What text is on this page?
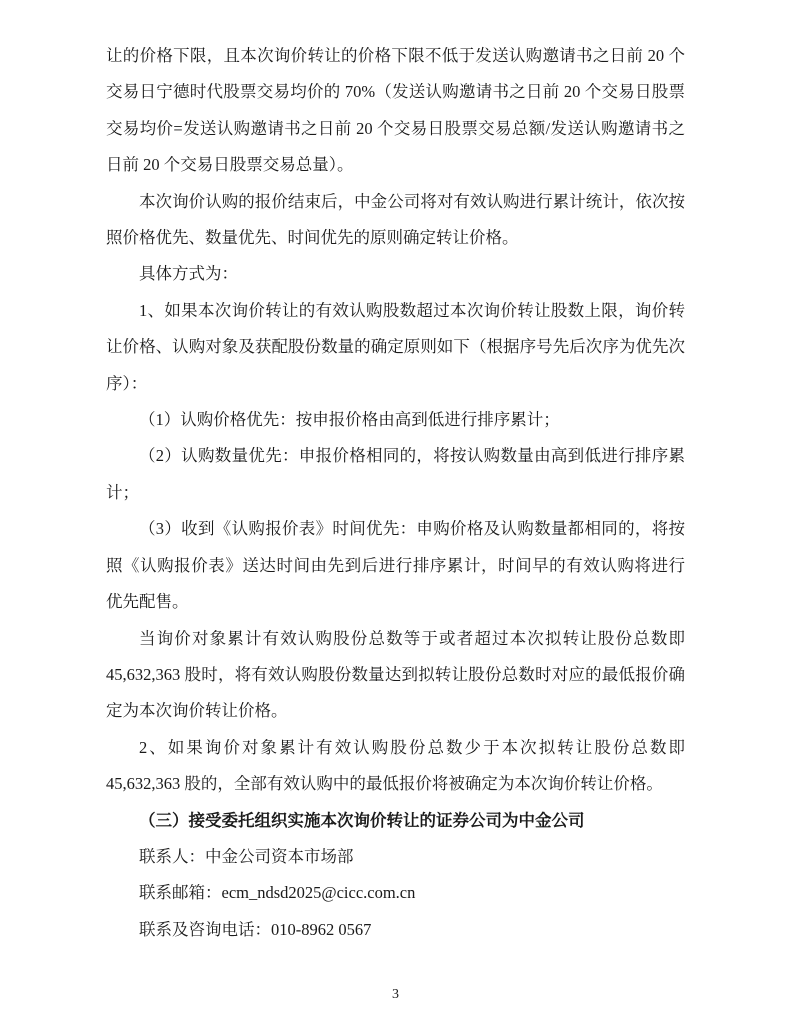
让的价格下限，且本次询价转让的价格下限不低于发送认购邀请书之日前 20 个
交易日宁德时代股票交易均价的 70%（发送认购邀请书之日前 20 个交易日股票
交易均价=发送认购邀请书之日前 20 个交易日股票交易总额/发送认购邀请书之
日前 20 个交易日股票交易总量）。

本次询价认购的报价结束后，中金公司将对有效认购进行累计统计，依次按
照价格优先、数量优先、时间优先的原则确定转让价格。

具体方式为：

1、如果本次询价转让的有效认购股数超过本次询价转让股数上限，询价转
让价格、认购对象及获配股份数量的确定原则如下（根据序号先后次序为优先次
序）：

（1）认购价格优先：按申报价格由高到低进行排序累计；

（2）认购数量优先：申报价格相同的，将按认购数量由高到低进行排序累
计；

（3）收到《认购报价表》时间优先：申购价格及认购数量都相同的，将按
照《认购报价表》送达时间由先到后进行排序累计，时间早的有效认购将进行
优先配售。

当询价对象累计有效认购股份总数等于或者超过本次拟转让股份总数即
45,632,363 股时，将有效认购股份数量达到拟转让股份总数时对应的最低报价确
定为本次询价转让价格。

2、如果询价对象累计有效认购股份总数少于本次拟转让股份总数即
45,632,363 股的，全部有效认购中的最低报价将被确定为本次询价转让价格。

（三）接受委托组织实施本次询价转让的证券公司为中金公司

联系人：中金公司资本市场部

联系邮箱：ecm_ndsd2025@cicc.com.cn

联系及咨询电话：010-8962 0567

3
